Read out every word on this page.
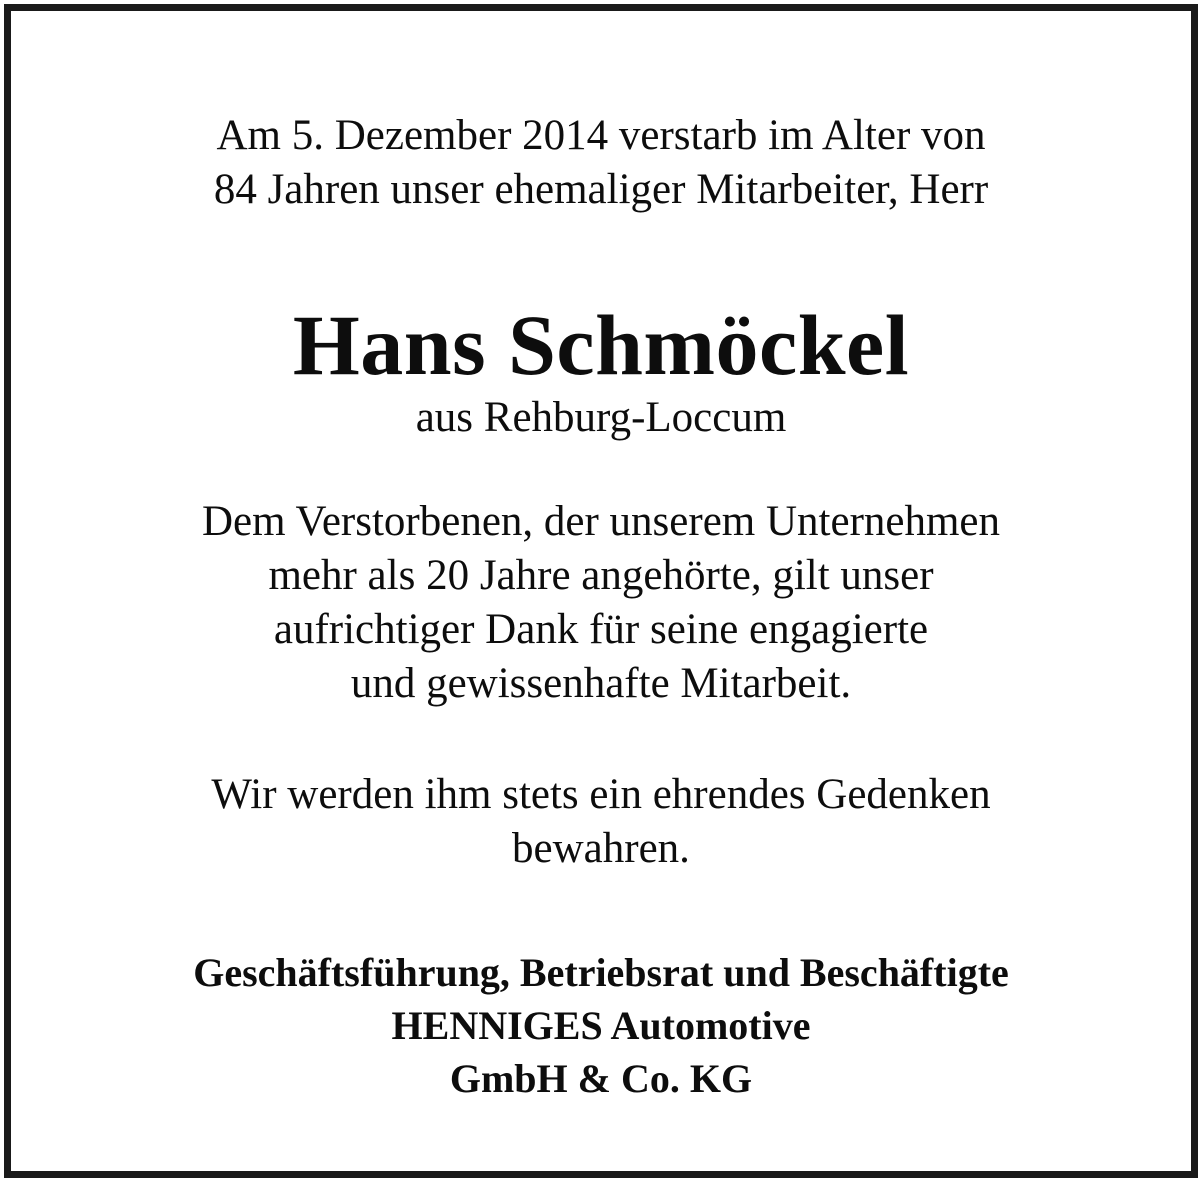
Am 5. Dezember 2014 verstarb im Alter von
84 Jahren unser ehemaliger Mitarbeiter, Herr
Hans Schmöckel
aus Rehburg-Loccum
Dem Verstorbenen, der unserem Unternehmen
mehr als 20 Jahre angehörte, gilt unser
aufrichtiger Dank für seine engagierte
und gewissenhafte Mitarbeit.
Wir werden ihm stets ein ehrendes Gedenken
bewahren.
Geschäftsführung, Betriebsrat und Beschäftigte
HENNIGES Automotive
GmbH & Co. KG
